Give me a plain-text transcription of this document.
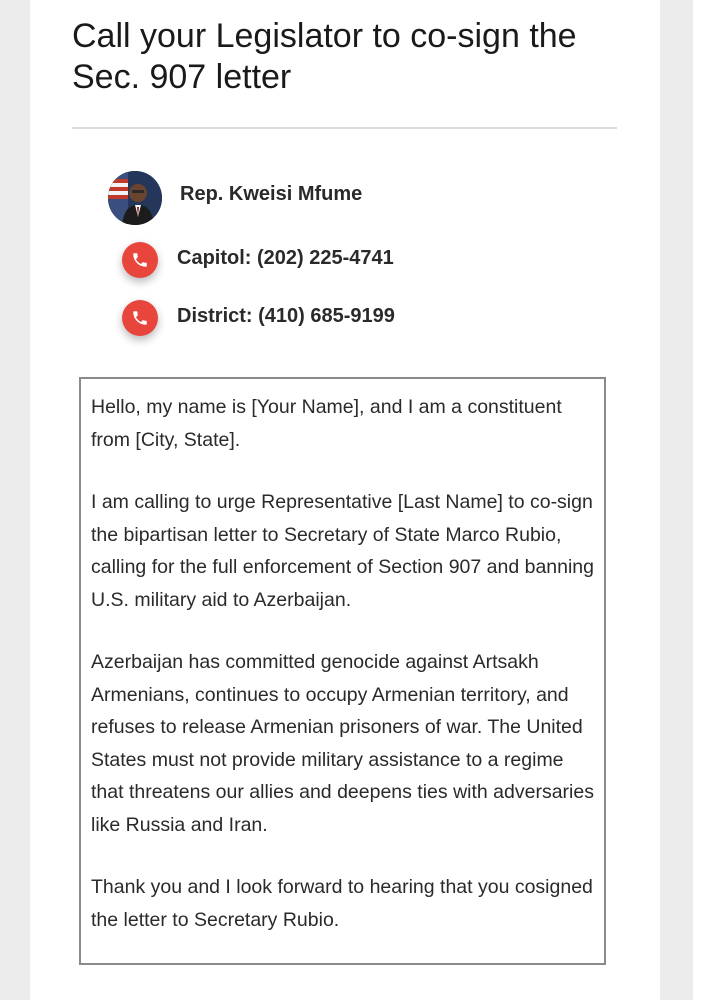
Call your Legislator to co-sign the Sec. 907 letter
Rep. Kweisi Mfume
Capitol: (202) 225-4741
District: (410) 685-9199

Hello, my name is [Your Name], and I am a constituent from [City, State].

I am calling to urge Representative [Last Name] to co-sign the bipartisan letter to Secretary of State Marco Rubio, calling for the full enforcement of Section 907 and banning U.S. military aid to Azerbaijan.

Azerbaijan has committed genocide against Artsakh Armenians, continues to occupy Armenian territory, and refuses to release Armenian prisoners of war. The United States must not provide military assistance to a regime that threatens our allies and deepens ties with adversaries like Russia and Iran.

Thank you and I look forward to hearing that you cosigned the letter to Secretary Rubio.
